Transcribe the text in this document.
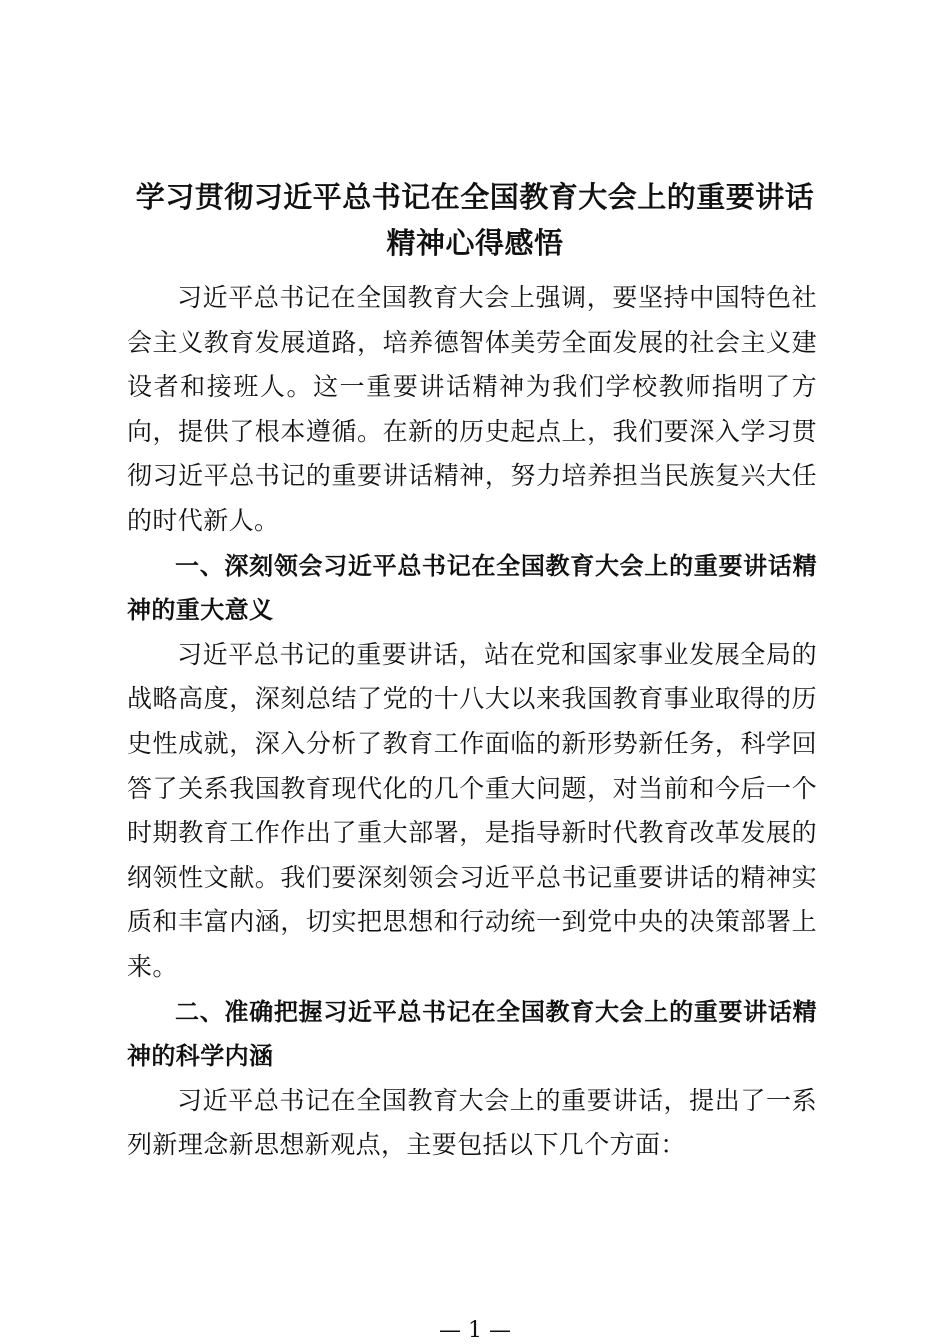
学习贯彻习近平总书记在全国教育大会上的重要讲话精神心得感悟

习近平总书记在全国教育大会上强调，要坚持中国特色社会主义教育发展道路，培养德智体美劳全面发展的社会主义建设者和接班人。这一重要讲话精神为我们学校教师指明了方向，提供了根本遵循。在新的历史起点上，我们要深入学习贯彻习近平总书记的重要讲话精神，努力培养担当民族复兴大任的时代新人。

一、深刻领会习近平总书记在全国教育大会上的重要讲话精神的重大意义

习近平总书记的重要讲话，站在党和国家事业发展全局的战略高度，深刻总结了党的十八大以来我国教育事业取得的历史性成就，深入分析了教育工作面临的新形势新任务，科学回答了关系我国教育现代化的几个重大问题，对当前和今后一个时期教育工作作出了重大部署，是指导新时代教育改革发展的纲领性文献。我们要深刻领会习近平总书记重要讲话的精神实质和丰富内涵，切实把思想和行动统一到党中央的决策部署上来。

二、准确把握习近平总书记在全国教育大会上的重要讲话精神的科学内涵

习近平总书记在全国教育大会上的重要讲话，提出了一系列新理念新思想新观点，主要包括以下几个方面：

— 1 —
